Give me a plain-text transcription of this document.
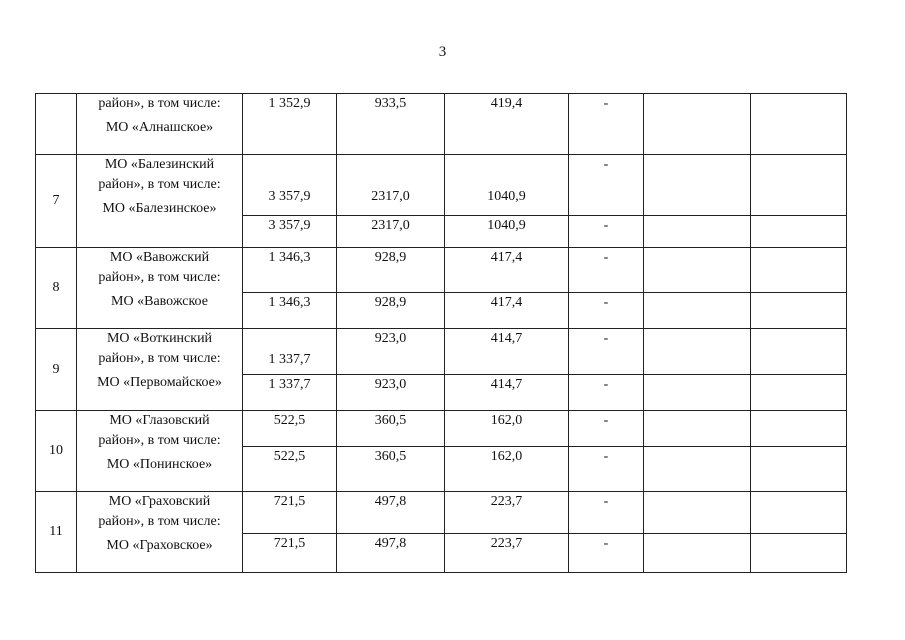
3

	район», в том числе:
МО «Алнашское»	1 352,9	933,5	419,4	-		
7	МО «Балезинский
район», в том числе:
МО «Балезинское»	3 357,9	2317,0	1040,9	-		
		3 357,9	2317,0	1040,9	-		
8	МО «Вавожский
район», в том числе:
МО «Вавожское	1 346,3	928,9	417,4	-		
		1 346,3	928,9	417,4	-		
9	МО «Воткинский
район», в том числе:
МО «Первомайское»	1 337,7	923,0	414,7	-		
		1 337,7	923,0	414,7	-		
10	МО «Глазовский
район», в том числе:
МО «Понинское»	522,5	360,5	162,0	-		
		522,5	360,5	162,0	-		
11	МО «Граховский
район», в том числе:
МО «Граховское»	721,5	497,8	223,7	-		
		721,5	497,8	223,7	-		
